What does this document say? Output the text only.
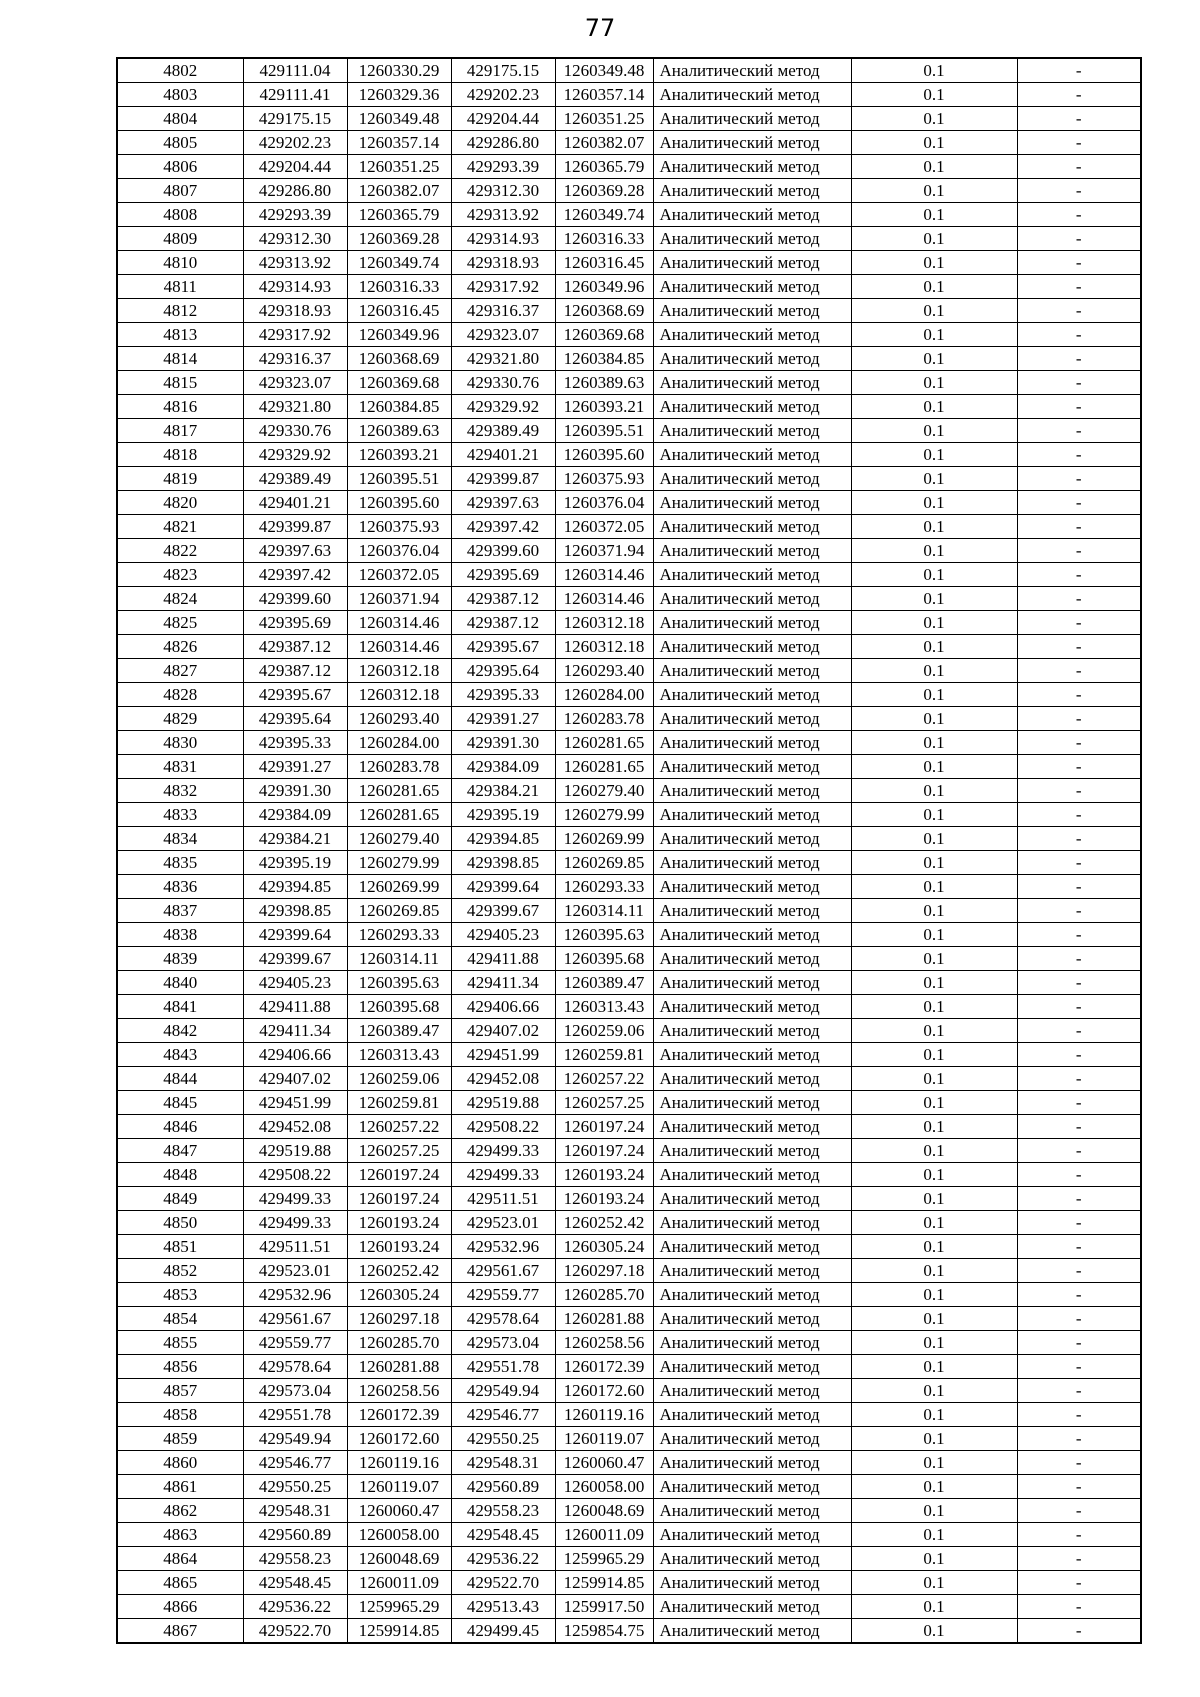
77
4802	429111.04	1260330.29	429175.15	1260349.48	Аналитический метод	0.1	-
4803	429111.41	1260329.36	429202.23	1260357.14	Аналитический метод	0.1	-
4804	429175.15	1260349.48	429204.44	1260351.25	Аналитический метод	0.1	-
4805	429202.23	1260357.14	429286.80	1260382.07	Аналитический метод	0.1	-
4806	429204.44	1260351.25	429293.39	1260365.79	Аналитический метод	0.1	-
4807	429286.80	1260382.07	429312.30	1260369.28	Аналитический метод	0.1	-
4808	429293.39	1260365.79	429313.92	1260349.74	Аналитический метод	0.1	-
4809	429312.30	1260369.28	429314.93	1260316.33	Аналитический метод	0.1	-
4810	429313.92	1260349.74	429318.93	1260316.45	Аналитический метод	0.1	-
4811	429314.93	1260316.33	429317.92	1260349.96	Аналитический метод	0.1	-
4812	429318.93	1260316.45	429316.37	1260368.69	Аналитический метод	0.1	-
4813	429317.92	1260349.96	429323.07	1260369.68	Аналитический метод	0.1	-
4814	429316.37	1260368.69	429321.80	1260384.85	Аналитический метод	0.1	-
4815	429323.07	1260369.68	429330.76	1260389.63	Аналитический метод	0.1	-
4816	429321.80	1260384.85	429329.92	1260393.21	Аналитический метод	0.1	-
4817	429330.76	1260389.63	429389.49	1260395.51	Аналитический метод	0.1	-
4818	429329.92	1260393.21	429401.21	1260395.60	Аналитический метод	0.1	-
4819	429389.49	1260395.51	429399.87	1260375.93	Аналитический метод	0.1	-
4820	429401.21	1260395.60	429397.63	1260376.04	Аналитический метод	0.1	-
4821	429399.87	1260375.93	429397.42	1260372.05	Аналитический метод	0.1	-
4822	429397.63	1260376.04	429399.60	1260371.94	Аналитический метод	0.1	-
4823	429397.42	1260372.05	429395.69	1260314.46	Аналитический метод	0.1	-
4824	429399.60	1260371.94	429387.12	1260314.46	Аналитический метод	0.1	-
4825	429395.69	1260314.46	429387.12	1260312.18	Аналитический метод	0.1	-
4826	429387.12	1260314.46	429395.67	1260312.18	Аналитический метод	0.1	-
4827	429387.12	1260312.18	429395.64	1260293.40	Аналитический метод	0.1	-
4828	429395.67	1260312.18	429395.33	1260284.00	Аналитический метод	0.1	-
4829	429395.64	1260293.40	429391.27	1260283.78	Аналитический метод	0.1	-
4830	429395.33	1260284.00	429391.30	1260281.65	Аналитический метод	0.1	-
4831	429391.27	1260283.78	429384.09	1260281.65	Аналитический метод	0.1	-
4832	429391.30	1260281.65	429384.21	1260279.40	Аналитический метод	0.1	-
4833	429384.09	1260281.65	429395.19	1260279.99	Аналитический метод	0.1	-
4834	429384.21	1260279.40	429394.85	1260269.99	Аналитический метод	0.1	-
4835	429395.19	1260279.99	429398.85	1260269.85	Аналитический метод	0.1	-
4836	429394.85	1260269.99	429399.64	1260293.33	Аналитический метод	0.1	-
4837	429398.85	1260269.85	429399.67	1260314.11	Аналитический метод	0.1	-
4838	429399.64	1260293.33	429405.23	1260395.63	Аналитический метод	0.1	-
4839	429399.67	1260314.11	429411.88	1260395.68	Аналитический метод	0.1	-
4840	429405.23	1260395.63	429411.34	1260389.47	Аналитический метод	0.1	-
4841	429411.88	1260395.68	429406.66	1260313.43	Аналитический метод	0.1	-
4842	429411.34	1260389.47	429407.02	1260259.06	Аналитический метод	0.1	-
4843	429406.66	1260313.43	429451.99	1260259.81	Аналитический метод	0.1	-
4844	429407.02	1260259.06	429452.08	1260257.22	Аналитический метод	0.1	-
4845	429451.99	1260259.81	429519.88	1260257.25	Аналитический метод	0.1	-
4846	429452.08	1260257.22	429508.22	1260197.24	Аналитический метод	0.1	-
4847	429519.88	1260257.25	429499.33	1260197.24	Аналитический метод	0.1	-
4848	429508.22	1260197.24	429499.33	1260193.24	Аналитический метод	0.1	-
4849	429499.33	1260197.24	429511.51	1260193.24	Аналитический метод	0.1	-
4850	429499.33	1260193.24	429523.01	1260252.42	Аналитический метод	0.1	-
4851	429511.51	1260193.24	429532.96	1260305.24	Аналитический метод	0.1	-
4852	429523.01	1260252.42	429561.67	1260297.18	Аналитический метод	0.1	-
4853	429532.96	1260305.24	429559.77	1260285.70	Аналитический метод	0.1	-
4854	429561.67	1260297.18	429578.64	1260281.88	Аналитический метод	0.1	-
4855	429559.77	1260285.70	429573.04	1260258.56	Аналитический метод	0.1	-
4856	429578.64	1260281.88	429551.78	1260172.39	Аналитический метод	0.1	-
4857	429573.04	1260258.56	429549.94	1260172.60	Аналитический метод	0.1	-
4858	429551.78	1260172.39	429546.77	1260119.16	Аналитический метод	0.1	-
4859	429549.94	1260172.60	429550.25	1260119.07	Аналитический метод	0.1	-
4860	429546.77	1260119.16	429548.31	1260060.47	Аналитический метод	0.1	-
4861	429550.25	1260119.07	429560.89	1260058.00	Аналитический метод	0.1	-
4862	429548.31	1260060.47	429558.23	1260048.69	Аналитический метод	0.1	-
4863	429560.89	1260058.00	429548.45	1260011.09	Аналитический метод	0.1	-
4864	429558.23	1260048.69	429536.22	1259965.29	Аналитический метод	0.1	-
4865	429548.45	1260011.09	429522.70	1259914.85	Аналитический метод	0.1	-
4866	429536.22	1259965.29	429513.43	1259917.50	Аналитический метод	0.1	-
4867	429522.70	1259914.85	429499.45	1259854.75	Аналитический метод	0.1	-
